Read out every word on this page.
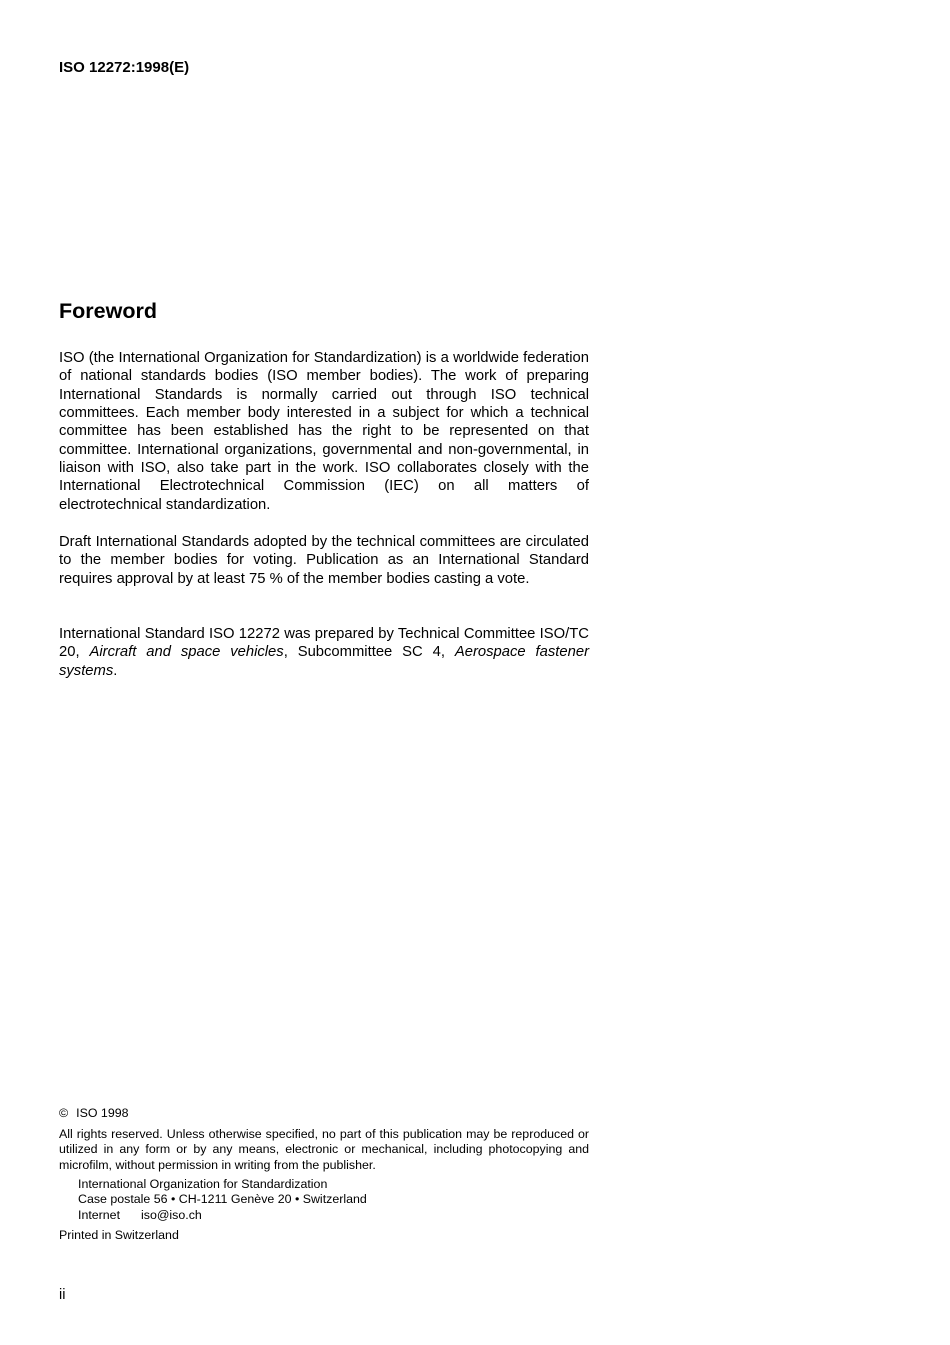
ISO 12272:1998(E)
Foreword

ISO (the International Organization for Standardization) is a worldwide federation of national standards bodies (ISO member bodies). The work of preparing International Standards is normally carried out through ISO technical committees. Each member body interested in a subject for which a technical committee has been established has the right to be represented on that committee. International organizations, governmental and non-governmental, in liaison with ISO, also take part in the work. ISO collaborates closely with the International Electrotechnical Commission (IEC) on all matters of electrotechnical standardization.

Draft International Standards adopted by the technical committees are circulated to the member bodies for voting. Publication as an International Standard requires approval by at least 75 % of the member bodies casting a vote.

International Standard ISO 12272 was prepared by Technical Committee ISO/TC 20, Aircraft and space vehicles, Subcommittee SC 4, Aerospace fastener systems.

© ISO 1998

All rights reserved. Unless otherwise specified, no part of this publication may be reproduced or utilized in any form or by any means, electronic or mechanical, including photocopying and microfilm, without permission in writing from the publisher.

International Organization for Standardization
Case postale 56 • CH-1211 Genève 20 • Switzerland
Internet iso@iso.ch
Printed in Switzerland
ii
